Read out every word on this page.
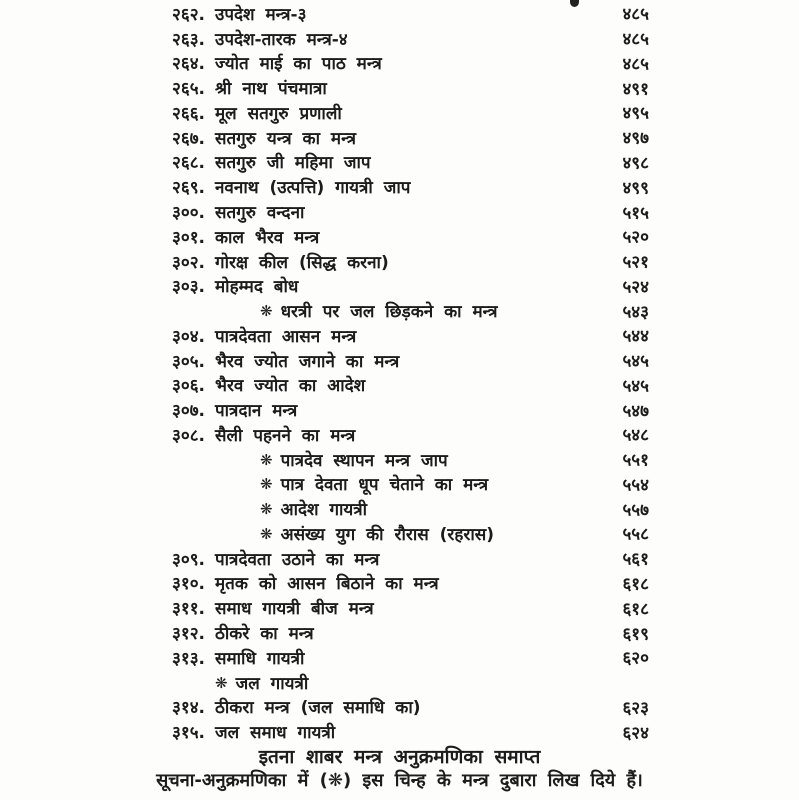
२६२. उपदेश मन्त्र-३	४८५
२६३. उपदेश-तारक मन्त्र-४	४८५
२६४. ज्योत माई का पाठ मन्त्र	४८५
२६५. श्री नाथ पंचमात्रा	४९१
२६६. मूल सतगुरु प्रणाली	४९५
२६७. सतगुरु यन्त्र का मन्त्र	४९७
२६८. सतगुरु जी महिमा जाप	४९८
२६९. नवनाथ (उत्पत्ति) गायत्री जाप	४९९
३००. सतगुरु वन्दना	५१५
३०१. काल भैरव मन्त्र	५२०
३०२. गोरक्ष कील (सिद्ध करना)	५२१
३०३. मोहम्मद बोध	५२४
❋ धरत्री पर जल छिड़कने का मन्त्र	५४३
३०४. पात्रदेवता आसन मन्त्र	५४४
३०५. भैरव ज्योत जगाने का मन्त्र	५४५
३०६. भैरव ज्योत का आदेश	५४५
३०७. पात्रदान मन्त्र	५४७
३०८. सैली पहनने का मन्त्र	५४८
❋ पात्रदेव स्थापन मन्त्र जाप	५५१
❋ पात्र देवता धूप चेताने का मन्त्र	५५४
❋ आदेश गायत्री	५५७
❋ असंख्य युग की रौरास (रहरास)	५५८
३०९. पात्रदेवता उठाने का मन्त्र	५६१
३१०. मृतक को आसन बिठाने का मन्त्र	६१८
३११. समाध गायत्री बीज मन्त्र	६१८
३१२. ठीकरे का मन्त्र	६१९
३१३. समाधि गायत्री	६२०
❋ जल गायत्री
३१४. ठीकरा मन्त्र (जल समाधि का)	६२३
३१५. जल समाध गायत्री	६२४
इतना शाबर मन्त्र अनुक्रमणिका समाप्त
सूचना-अनुक्रमणिका में (❋) इस चिन्ह के मन्त्र दुबारा लिख दिये हैं।
